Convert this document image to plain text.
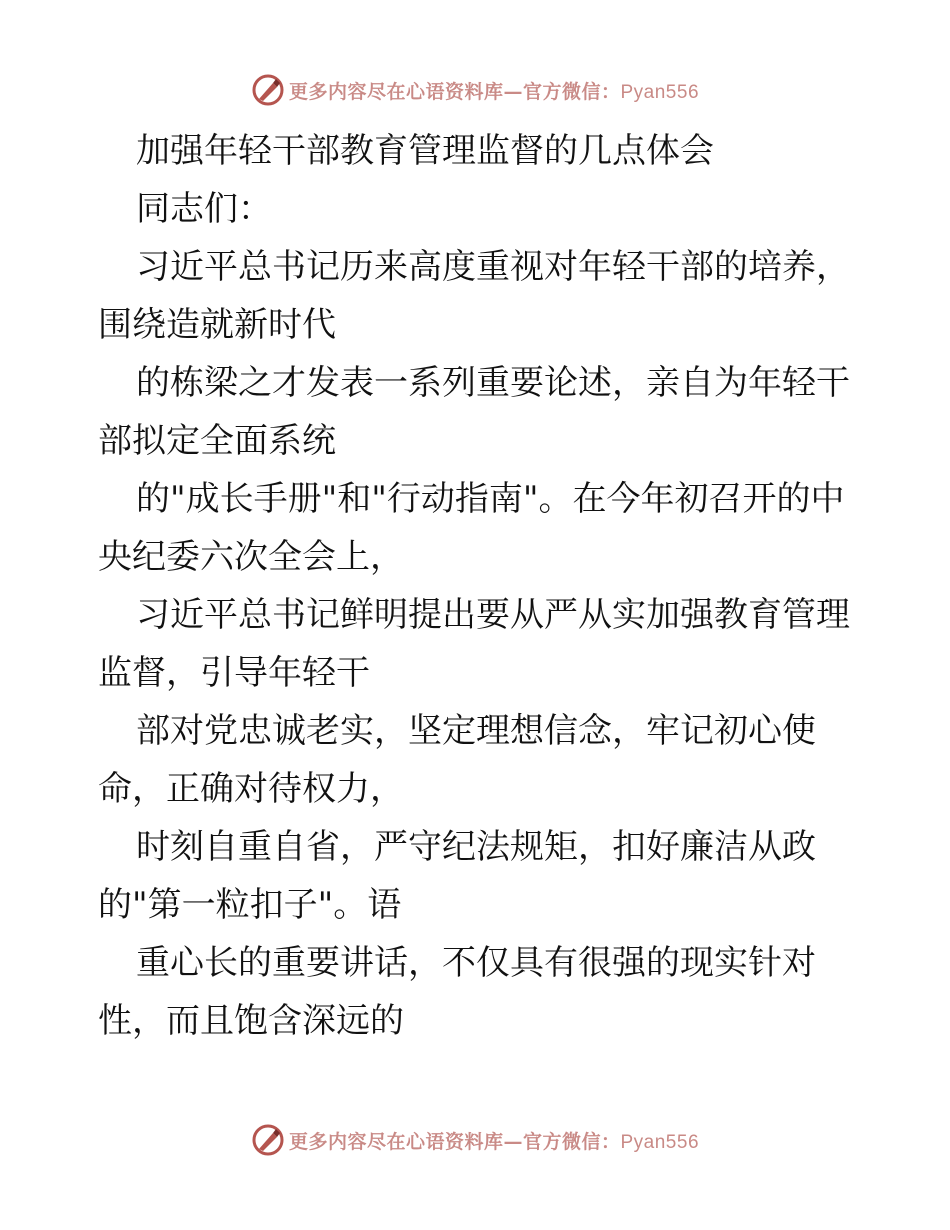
更多内容尽在心语资料库—官方微信：Pyan556

加强年轻干部教育管理监督的几点体会

同志们：

习近平总书记历来高度重视对年轻干部的培养，围绕造就新时代

的栋梁之才发表一系列重要论述，亲自为年轻干部拟定全面系统

的"成长手册"和"行动指南"。在今年初召开的中央纪委六次全会上，

习近平总书记鲜明提出要从严从实加强教育管理监督，引导年轻干

部对党忠诚老实，坚定理想信念，牢记初心使命，正确对待权力，

时刻自重自省，严守纪法规矩，扣好廉洁从政的"第一粒扣子"。语

重心长的重要讲话，不仅具有很强的现实针对性，而且饱含深远的

更多内容尽在心语资料库—官方微信：Pyan556
